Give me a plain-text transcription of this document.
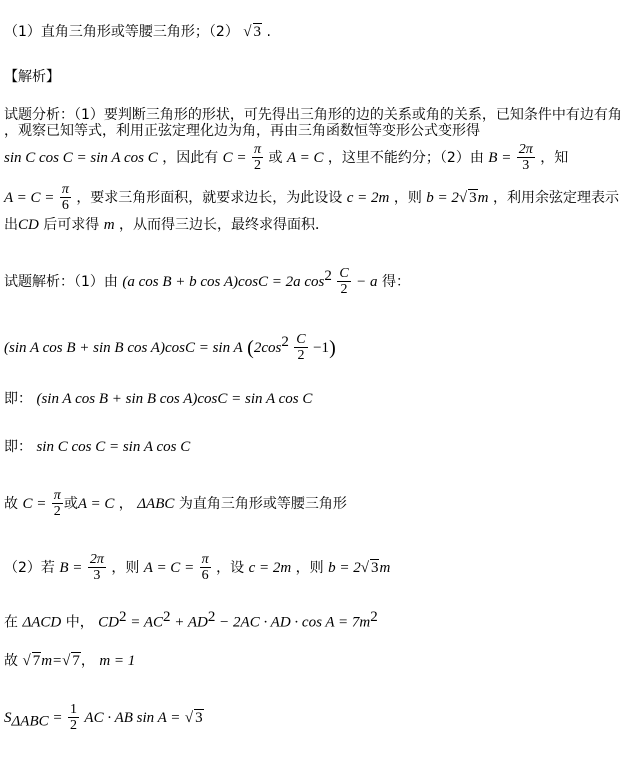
（1）直角三角形或等腰三角形；（2） √ 3 .
【解析】
试题分析：（1）要判断三角形的形状，可先得出三角形的边的关系或角的关系，已知条件中有边有角
，观察已知等式，利用正弦定理化边为角，再由三角函数恒等变形公式变形得
sin C cos C = sin A cos C ，因此有 $C = \frac{\pi}{2}$ 或 A = C ，这里不能约分；（2）由 $B = \frac{2\pi}{3}$ ，知
$A = C = \frac{\pi}{6}$ ，要求三角形面积，就要求边长，为此设设 c = 2m ，则 b = 2√ 3m ，利用余弦定理表示
出CD 后可求得 m ，从而得三边长，最终求得面积．
试题解析：（1）由 (a cos B + b cos A)cosC = 2a $\cos^2 \frac{C}{2} - a$ 得：
(sin A cos B + sin B cos A)cosC = sin A $(2\cos^2 \frac{C}{2} -1)$
即： (sin A cos B + sin B cos A)cosC = sin A cos C
即： sin C cos C = sin A cos C
故 $C = \frac{\pi}{2}$ 或A = C ， ΔABC 为直角三角形或等腰三角形
（2）若 $B = \frac{2\pi}{3}$ ，则 $A = C = \frac{\pi}{6}$ ，设 c = 2m ，则 b = 2√ 3m
在 ΔACD 中， $CD^2 = AC^2 + AD^2 - 2AC$ · AD · $\cos A = 7m^2$
故 √ 7m=√ 7， m = 1
$S_{\Delta ABC} = \frac{1}{2}$ AC · AB sin A = √ 3
